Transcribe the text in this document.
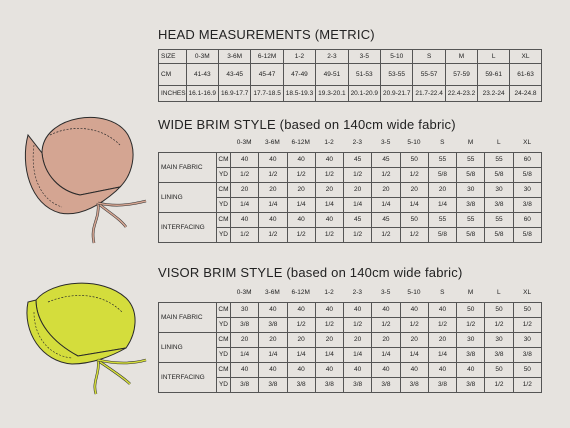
HEAD MEASUREMENTS (METRIC)
SIZE	0-3M	3-6M	6-12M	1-2	2-3	3-5	5-10	S	M	L	XL
CM	41-43	43-45	45-47	47-49	49-51	51-53	53-55	55-57	57-59	59-61	61-63
INCHES	16.1-16.9	16.9-17.7	17.7-18.5	18.5-19.3	19.3-20.1	20.1-20.9	20.9-21.7	21.7-22.4	22.4-23.2	23.2-24	24-24.8
WIDE BRIM STYLE (based on 140cm wide fabric)
0-3M 3-6M 6-12M 1-2	2-3	3-5	5-10	S	M	L	XL
MAIN FABRIC	CM	40	40	40	40	45	45	50	55	55	55	60
	YD	1/2	1/2	1/2	1/2	1/2	1/2	1/2	5/8	5/8	5/8	5/8
LINING	CM	20	20	20	20	20	20	20	20	30	30	30
	YD	1/4	1/4	1/4	1/4	1/4	1/4	1/4	1/4	3/8	3/8	3/8
INTERFACING	CM	40	40	40	40	45	45	50	55	55	55	60
	YD	1/2	1/2	1/2	1/2	1/2	1/2	1/2	5/8	5/8	5/8	5/8
VISOR BRIM STYLE (based on 140cm wide fabric)
0-3M 3-6M 6-12M 1-2	2-3	3-5	5-10	S	M	L	XL
MAIN FABRIC	CM	30	40	40	40	40	40	40	40	50	50	50
	YD	3/8	3/8	1/2	1/2	1/2	1/2	1/2	1/2	1/2	1/2	1/2
LINING	CM	20	20	20	20	20	20	20	20	30	30	30
	YD	1/4	1/4	1/4	1/4	1/4	1/4	1/4	1/4	3/8	3/8	3/8
INTERFACING	CM	40	40	40	40	40	40	40	40	40	50	50
	YD	3/8	3/8	3/8	3/8	3/8	3/8	3/8	3/8	3/8	1/2	1/2
